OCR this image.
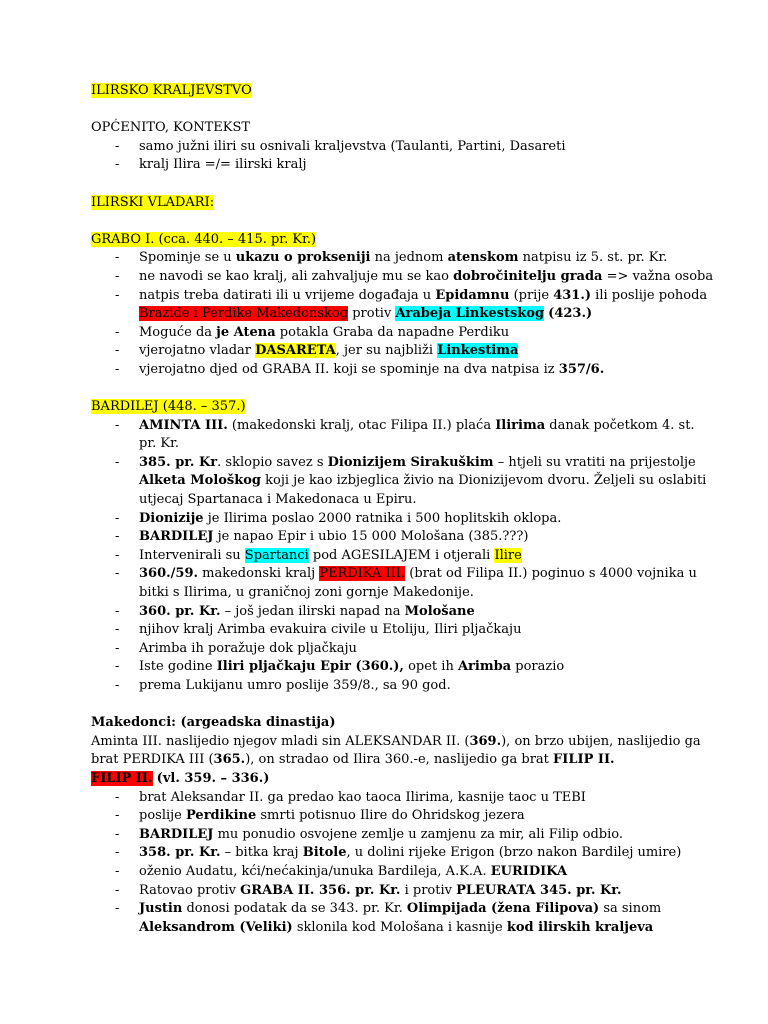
ILIRSKO KRALJEVSTVO
OPĆENITO, KONTEKST
- samo južni iliri su osnivali kraljevstva (Taulanti, Partini, Dasareti
- kralj Ilira =/= ilirski kralj
ILIRSKI VLADARI:
GRABO I. (cca. 440. – 415. pr. Kr.)
- Spominje se u ukazu o prokseniji na jednom atenskom natpisu iz 5. st. pr. Kr.
- ne navodi se kao kralj, ali zahvaljuje mu se kao dobročinitelju grada => važna osoba
- natpis treba datirati ili u vrijeme događaja u Epidamnu (prije 431.) ili poslije pohoda
Brazide i Perdike Makedonskog protiv Arabeja Linkestskog (423.)
- Moguće da je Atena potakla Graba da napadne Perdiku
- vjerojatno vladar DASARETA, jer su najbliži Linkestima
- vjerojatno djed od GRABA II. koji se spominje na dva natpisa iz 357/6.
BARDILEJ (448. – 357.)
- AMINTA III. (makedonski kralj, otac Filipa II.) plaća Ilirima danak početkom 4. st.
pr. Kr.
- 385. pr. Kr. sklopio savez s Dionizijem Sirakuškim – htjeli su vratiti na prijestolje
Alketa Mološkog koji je kao izbjeglica živio na Dionizijevom dvoru. Željeli su oslabiti
utjecaj Spartanaca i Makedonaca u Epiru.
- Dionizije je Ilirima poslao 2000 ratnika i 500 hoplitskih oklopa.
- BARDILEJ je napao Epir i ubio 15 000 Mološana (385.???)
- Intervenirali su Spartanci pod AGESILAJEM i otjerali Ilire
- 360./59. makedonski kralj PERDIKA III. (brat od Filipa II.) poginuo s 4000 vojnika u
bitki s Ilirima, u graničnoj zoni gornje Makedonije.
- 360. pr. Kr. – još jedan ilirski napad na Mološane
- njihov kralj Arimba evakuira civile u Etoliju, Iliri pljačkaju
- Arimba ih poražuje dok pljačkaju
- Iste godine Iliri pljačkaju Epir (360.), opet ih Arimba porazio
- prema Lukijanu umro poslije 359/8., sa 90 god.
Makedonci: (argeadska dinastija)
Aminta III. naslijedio njegov mladi sin ALEKSANDAR II. (369.), on brzo ubijen, naslijedio ga
brat PERDIKA III (365.), on stradao od Ilira 360.-e, naslijedio ga brat FILIP II.
FILIP II. (vl. 359. – 336.)
- brat Aleksandar II. ga predao kao taoca Ilirima, kasnije taoc u TEBI
- poslije Perdikine smrti potisnuo Ilire do Ohridskog jezera
- BARDILEJ mu ponudio osvojene zemlje u zamjenu za mir, ali Filip odbio.
- 358. pr. Kr. – bitka kraj Bitole, u dolini rijeke Erigon (brzo nakon Bardilej umire)
- oženio Audatu, kći/nećakinja/unuka Bardileja, A.K.A. EURIDIKA
- Ratovao protiv GRABA II. 356. pr. Kr. i protiv PLEURATA 345. pr. Kr.
- Justin donosi podatak da se 343. pr. Kr. Olimpijada (žena Filipova) sa sinom
Aleksandrom (Veliki) sklonila kod Mološana i kasnije kod ilirskih kraljeva
